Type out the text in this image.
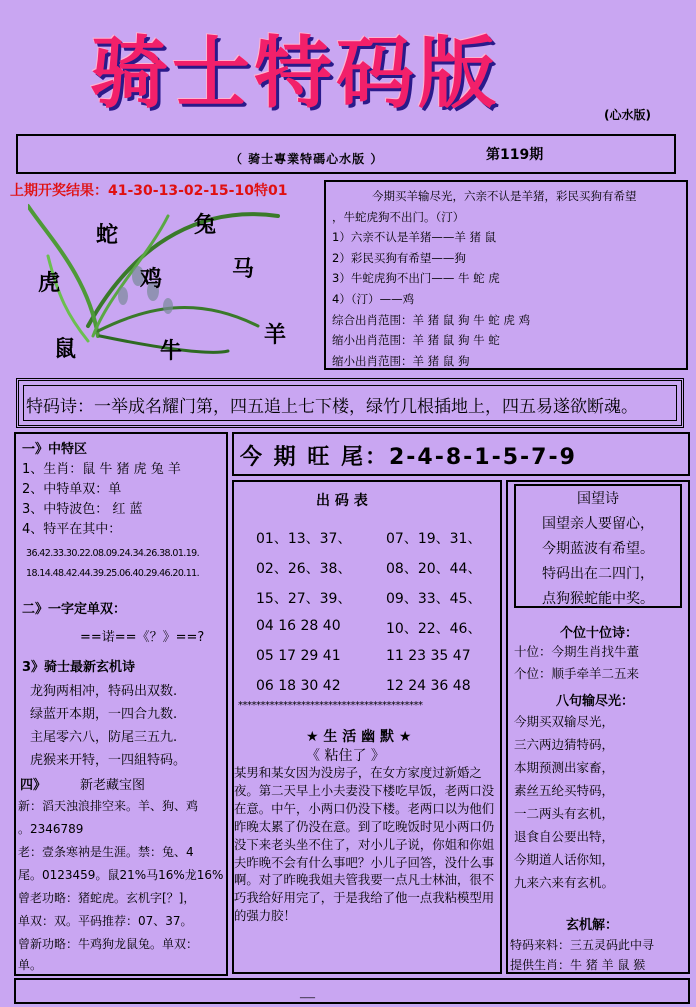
骑士特码版	(心水版)
（ 骑士專業特碼心水版 ）	第119期
上期开奖结果：41-30-13-02-15-10特01
蛇	兔
虎	鸡	马
鼠	牛
羊
今期买羊输尽光，六亲不认是羊猪，彩民买狗有希望
，牛蛇虎狗不出门。（汀）
1）六亲不认是羊猪——羊 猪 鼠
2）彩民买狗有希望——狗
3）牛蛇虎狗不出门—— 牛 蛇 虎
4）（汀）——鸡
综合出肖范围：羊 猪 鼠 狗 牛 蛇 虎 鸡
缩小出肖范围：羊 猪 鼠 狗 牛 蛇
缩小出肖范围：羊 猪 鼠 狗
特码诗：一举成名耀门第，四五追上七下楼，绿竹几根插地上，四五易遂欲断魂。
一》中特区
1、生肖：鼠 牛 猪 虎 兔 羊
2、中特单双：单
3、中特波色： 红 蓝
4、特平在其中：
36.42.33.30.22.08.09.24.34.26.38.01.19.
18.14.48.42.44.39.25.06.40.29.46.20.11.
二》一字定单双：
==诺==《？》==?
3》骑士最新玄机诗
龙狗两相冲，特码出双数.
绿蓝开本期，一四合九数.
主尾零六八，防尾三五九.
虎猴来开特，一四組特码。
四》	新老藏宝图
新：滔天浊浪排空来。羊、狗、鸡
。2346789
老：壹条寒衲是生涯。禁：兔、4
尾。0123459。鼠21%马16%龙16%
曾老功略：猪蛇虎。玄机字[？]，
单双：双。平码推荐：07、37。
曾新功略：牛鸡狗龙鼠兔。单双：
单。
今 期 旺 尾：2-4-8-1-5-7-9
出 码 表
01、13、37、
02、26、38、
15、27、39、
04 16 28 40
05 17 29 41
06 18 30 42
07、19、31、
08、20、44、
09、33、45、
10、22、46、
11 23 35 47
12 24 36 48
*****************************************
★ 生 活 幽 默 ★
《 粘住了 》
某男和某女因为没房子，在女方家度过新婚之夜。第二天早上小夫妻没下楼吃早饭，老两口没在意。中午，小两口仍没下楼。老两口以为他们昨晚太累了仍没在意。到了吃晚饭时见小两口仍没下来老头坐不住了，对小儿子说，你姐和你姐夫昨晚不会有什么事吧？小儿子回答，没什么事啊。对了昨晚我姐夫管我要一点凡士林油，很不巧我给好用完了，于是我给了他一点我粘模型用的强力胶！
国望诗
国望亲人要留心，
今期蓝波有希望。
特码出在二四门，
点狗猴蛇能中奖。
个位十位诗：
十位：今期生肖找牛董
个位：顺手牵羊二五来
八句输尽光：
今期买双输尽光，
三六两边猜特码，
本期预测出家畜，
素丝五纶买特码，
一二两头有玄机，
退食自公要出特，
今期道人话你知，
九来六来有玄机。
玄机解：
特码来料：三五灵码此中寻
提供生肖：牛 猪 羊 鼠 猴
___
